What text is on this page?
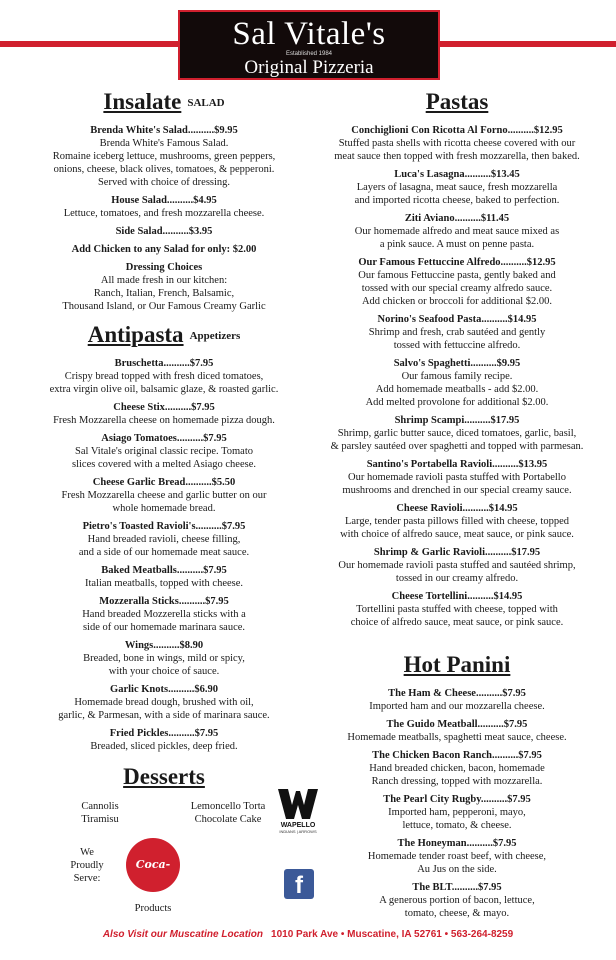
Sal Vitale's
Established 1984
Original Pizzeria
Insalate SALAD
Brenda White's Salad..........$9.95
Brenda White's Famous Salad.
Romaine iceberg lettuce, mushrooms, green peppers,
onions, cheese, black olives, tomatoes, & pepperoni.
Served with choice of dressing.
House Salad..........$4.95
Lettuce, tomatoes, and fresh mozzarella cheese.
Side Salad..........$3.95
Add Chicken to any Salad for only: $2.00
Dressing Choices
All made fresh in our kitchen:
Ranch, Italian, French, Balsamic,
Thousand Island, or Our Famous Creamy Garlic
Antipasta Appetizers
Bruschetta..........$7.95
Crispy bread topped with fresh diced tomatoes,
extra virgin olive oil, balsamic glaze, & roasted garlic.
Cheese Stix..........$7.95
Fresh Mozzarella cheese on homemade pizza dough.
Asiago Tomatoes..........$7.95
Sal Vitale's original classic recipe. Tomato
slices covered with a melted Asiago cheese.
Cheese Garlic Bread..........$5.50
Fresh Mozzarella cheese and garlic butter on our
whole homemade bread.
Pietro's Toasted Ravioli's..........$7.95
Hand breaded ravioli, cheese filling,
and a side of our homemade meat sauce.
Baked Meatballs..........$7.95
Italian meatballs, topped with cheese.
Mozzeralla Sticks..........$7.95
Hand breaded Mozzerella sticks with a
side of our homemade marinara sauce.
Wings..........$8.90
Breaded, bone in wings, mild or spicy,
with your choice of sauce.
Garlic Knots..........$6.90
Homemade bread dough, brushed with oil,
garlic, & Parmesan, with a side of marinara sauce.
Fried Pickles..........$7.95
Breaded, sliced pickles, deep fried.
Desserts
Cannolis	Lemoncello Torta
Tiramisu	Chocolate Cake
WAPELLO
INDIANS | ARROWS
f
We
Proudly
Serve:
Coca-Cola
Products
Pastas
Conchiglioni Con Ricotta Al Forno..........$12.95
Stuffed pasta shells with ricotta cheese covered with our
meat sauce then topped with fresh mozzarella, then baked.
Luca's Lasagna..........$13.45
Layers of lasagna, meat sauce, fresh mozzarella
and imported ricotta cheese, baked to perfection.
Ziti Aviano..........$11.45
Our homemade alfredo and meat sauce mixed as
a pink sauce. A must on penne pasta.
Our Famous Fettuccine Alfredo..........$12.95
Our famous Fettuccine pasta, gently baked and
tossed with our special creamy alfredo sauce.
Add chicken or broccoli for additional $2.00.
Norino's Seafood Pasta..........$14.95
Shrimp and fresh, crab sautéed and gently
tossed with fettuccine alfredo.
Salvo's Spaghetti..........$9.95
Our famous family recipe.
Add homemade meatballs - add $2.00.
Add melted provolone for additional $2.00.
Shrimp Scampi..........$17.95
Shrimp, garlic butter sauce, diced tomatoes, garlic, basil,
& parsley sautéed over spaghetti and topped with parmesan.
Santino's Portabella Ravioli..........$13.95
Our homemade ravioli pasta stuffed with Portabello
mushrooms and drenched in our special creamy sauce.
Cheese Ravioli..........$14.95
Large, tender pasta pillows filled with cheese, topped
with choice of alfredo sauce, meat sauce, or pink sauce.
Shrimp & Garlic Ravioli..........$17.95
Our homemade ravioli pasta stuffed and sautéed shrimp,
tossed in our creamy alfredo.
Cheese Tortellini..........$14.95
Tortellini pasta stuffed with cheese, topped with
choice of alfredo sauce, meat sauce, or pink sauce.
Hot Panini
The Ham & Cheese..........$7.95
Imported ham and our mozzarella cheese.
The Guido Meatball..........$7.95
Homemade meatballs, spaghetti meat sauce, cheese.
The Chicken Bacon Ranch..........$7.95
Hand breaded chicken, bacon, homemade
Ranch dressing, topped with mozzarella.
The Pearl City Rugby..........$7.95
Imported ham, pepperoni, mayo,
lettuce, tomato, & cheese.
The Honeyman..........$7.95
Homemade tender roast beef, with cheese,
Au Jus on the side.
The BLT..........$7.95
A generous portion of bacon, lettuce,
tomato, cheese, & mayo.
Also Visit our Muscatine Location 1010 Park Ave • Muscatine, IA 52761 • 563-264-8259
